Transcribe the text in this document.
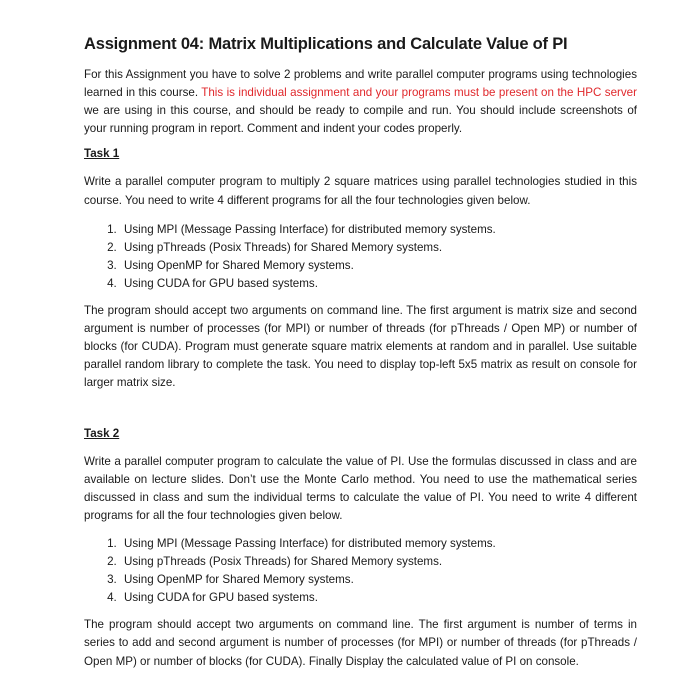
Assignment 04: Matrix Multiplications and Calculate Value of PI

For this Assignment you have to solve 2 problems and write parallel computer programs using technologies learned in this course. This is individual assignment and your programs must be present on the HPC server we are using in this course, and should be ready to compile and run. You should include screenshots of your running program in report. Comment and indent your codes properly.

Task 1

Write a parallel computer program to multiply 2 square matrices using parallel technologies studied in this course. You need to write 4 different programs for all the four technologies given below.

1. Using MPI (Message Passing Interface) for distributed memory systems.
2. Using pThreads (Posix Threads) for Shared Memory systems.
3. Using OpenMP for Shared Memory systems.
4. Using CUDA for GPU based systems.

The program should accept two arguments on command line. The first argument is matrix size and second argument is number of processes (for MPI) or number of threads (for pThreads / Open MP) or number of blocks (for CUDA). Program must generate square matrix elements at random and in parallel. Use suitable parallel random library to complete the task. You need to display top-left 5x5 matrix as result on console for larger matrix size.

Task 2

Write a parallel computer program to calculate the value of PI. Use the formulas discussed in class and are available on lecture slides. Don’t use the Monte Carlo method. You need to use the mathematical series discussed in class and sum the individual terms to calculate the value of PI. You need to write 4 different programs for all the four technologies given below.

1. Using MPI (Message Passing Interface) for distributed memory systems.
2. Using pThreads (Posix Threads) for Shared Memory systems.
3. Using OpenMP for Shared Memory systems.
4. Using CUDA for GPU based systems.

The program should accept two arguments on command line. The first argument is number of terms in series to add and second argument is number of processes (for MPI) or number of threads (for pThreads / Open MP) or number of blocks (for CUDA). Finally Display the calculated value of PI on console.
